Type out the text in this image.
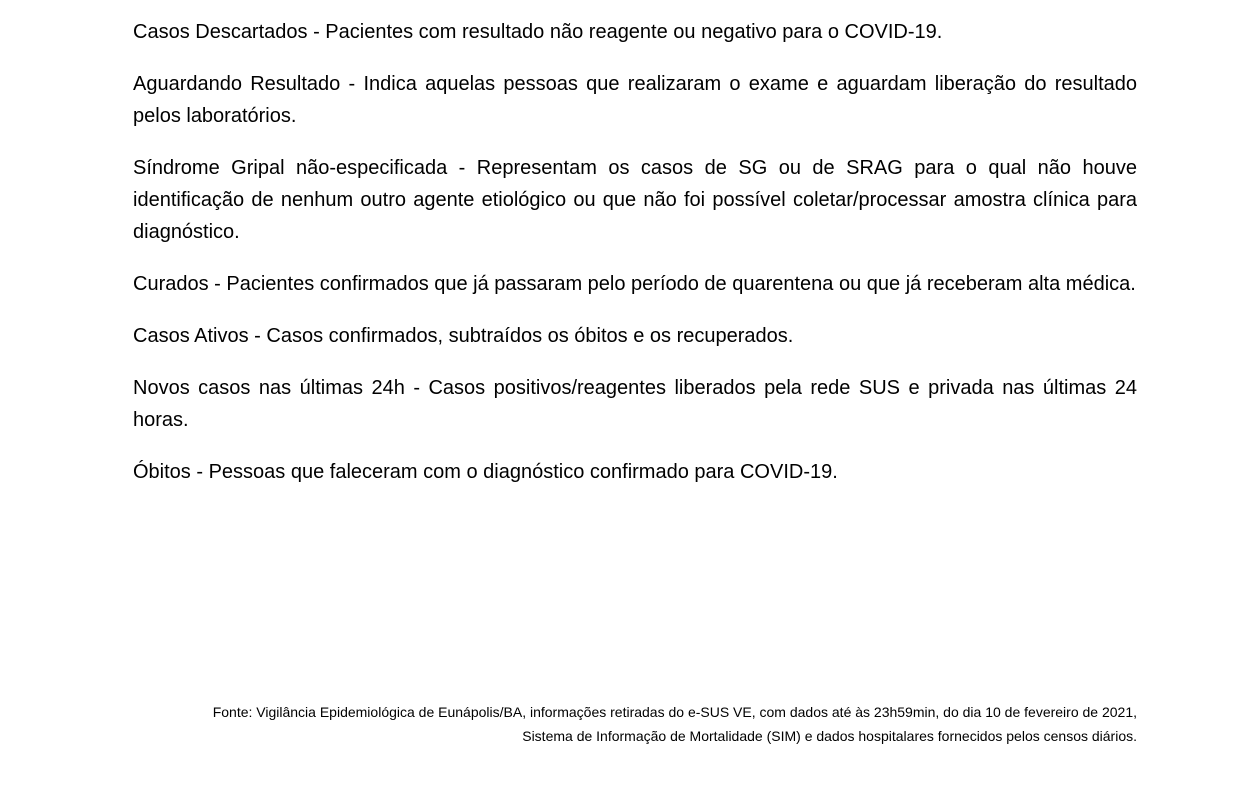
Casos Descartados - Pacientes com resultado não reagente ou negativo para o COVID-19.

Aguardando Resultado - Indica aquelas pessoas que realizaram o exame e aguardam liberação do resultado pelos laboratórios.

Síndrome Gripal não-especificada - Representam os casos de SG ou de SRAG para o qual não houve identificação de nenhum outro agente etiológico ou que não foi possível coletar/processar amostra clínica para diagnóstico.

Curados - Pacientes confirmados que já passaram pelo período de quarentena ou que já receberam alta médica.

Casos Ativos - Casos confirmados, subtraídos os óbitos e os recuperados.

Novos casos nas últimas 24h - Casos positivos/reagentes liberados pela rede SUS e privada nas últimas 24 horas.

Óbitos - Pessoas que faleceram com o diagnóstico confirmado para COVID-19.

Fonte: Vigilância Epidemiológica de Eunápolis/BA, informações retiradas do e-SUS VE, com dados até às 23h59min, do dia 10 de fevereiro de 2021,
Sistema de Informação de Mortalidade (SIM) e dados hospitalares fornecidos pelos censos diários.
